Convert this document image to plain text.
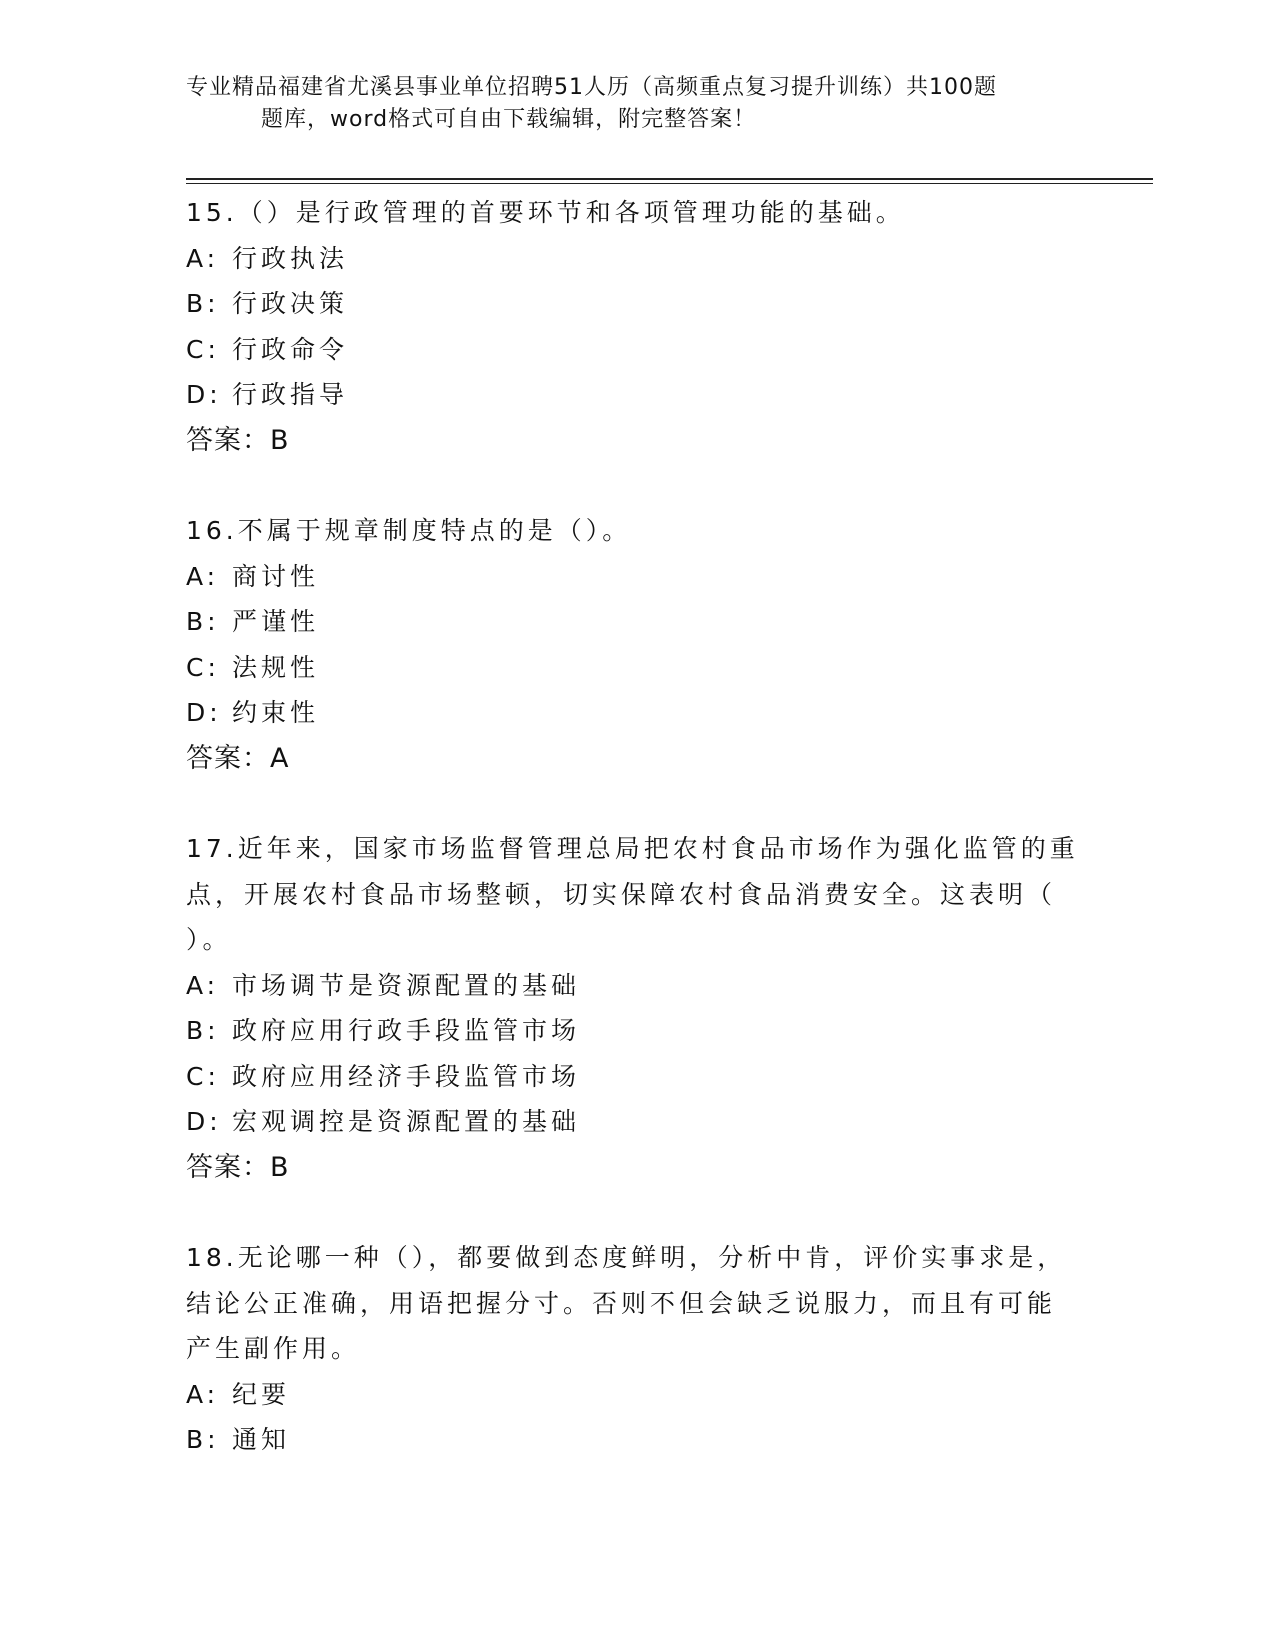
专业精品福建省尤溪县事业单位招聘51人历（高频重点复习提升训练）共100题
题库，word格式可自由下载编辑，附完整答案！
15.（）是行政管理的首要环节和各项管理功能的基础。
A: 行政执法
B: 行政决策
C: 行政命令
D: 行政指导
答案：B
16.不属于规章制度特点的是（）。
A: 商讨性
B: 严谨性
C: 法规性
D: 约束性
答案：A
17.近年来，国家市场监督管理总局把农村食品市场作为强化监管的重
点，开展农村食品市场整顿，切实保障农村食品消费安全。这表明（
）。
A: 市场调节是资源配置的基础
B: 政府应用行政手段监管市场
C: 政府应用经济手段监管市场
D: 宏观调控是资源配置的基础
答案：B
18.无论哪一种（），都要做到态度鲜明，分析中肯，评价实事求是，
结论公正准确，用语把握分寸。否则不但会缺乏说服力，而且有可能
产生副作用。
A: 纪要
B: 通知
